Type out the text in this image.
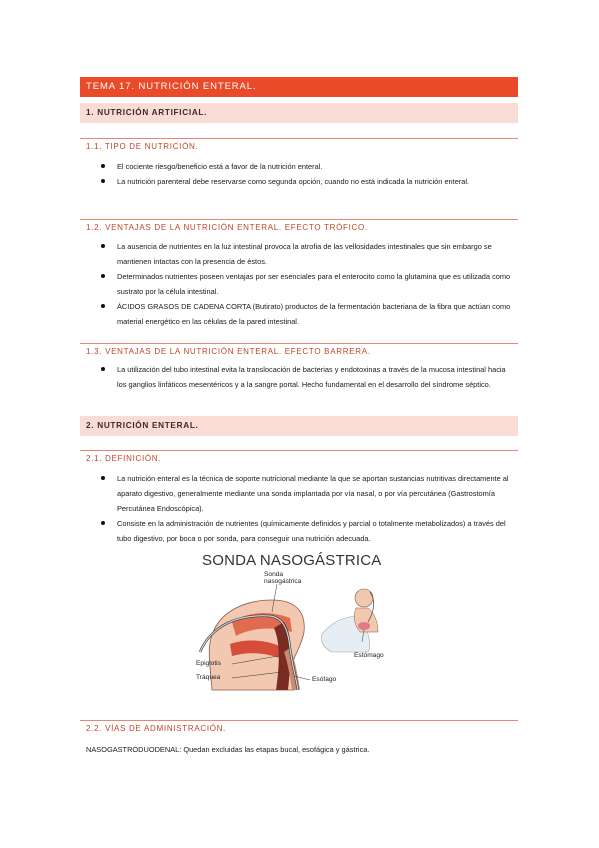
TEMA 17. NUTRICIÓN ENTERAL.
1. NUTRICIÓN ARTIFICIAL.
1.1. TIPO DE NUTRICIÓN.
El cociente riesgo/beneficio está a favor de la nutrición enteral.
La nutrición parenteral debe reservarse como segunda opción, cuando no está indicada la nutrición enteral.
1.2. VENTAJAS DE LA NUTRICIÓN ENTERAL. EFECTO TRÓFICO.
La ausencia de nutrientes en la luz intestinal provoca la atrofia de las vellosidades intestinales que sin embargo se mantienen intactas con la presencia de éstos.
Determinados nutrientes poseen ventajas por ser esenciales para el enterocito como la glutamina que es utilizada como sustrato por la célula intestinal.
ÁCIDOS GRASOS DE CADENA CORTA (Butirato) productos de la fermentación bacteriana de la fibra que actúan como material energético en las células de la pared intestinal.
1.3. VENTAJAS DE LA NUTRICIÓN ENTERAL. EFECTO BARRERA.
La utilización del tubo intestinal evita la translocación de bacterias y endotoxinas a través de la mucosa intestinal hacia los ganglios linfáticos mesentéricos y a la sangre portal. Hecho fundamental en el desarrollo del síndrome séptico.
2. NUTRICIÓN ENTERAL.
2.1. DEFINICIÓN.
La nutrición enteral es la técnica de soporte nutricional mediante la que se aportan sustancias nutritivas directamente al aparato digestivo, generalmente mediante una sonda implantada por vía nasal, o por vía percutánea (Gastrostomía Percutánea Endoscópica).
Consiste en la administración de nutrientes (químicamente definidos y parcial o totalmente metabolizados) a través del tubo digestivo, por boca o por sonda, para conseguir una nutrición adecuada.
SONDA NASOGÁSTRICA
Sonda
nasogástrica
Epiglotis
Tráquea	Esófago
Estómago
2.2. VÍAS DE ADMINISTRACIÓN.
NASOGASTRODUODENAL: Quedan excluidas las etapas bucal, esofágica y gástrica.
